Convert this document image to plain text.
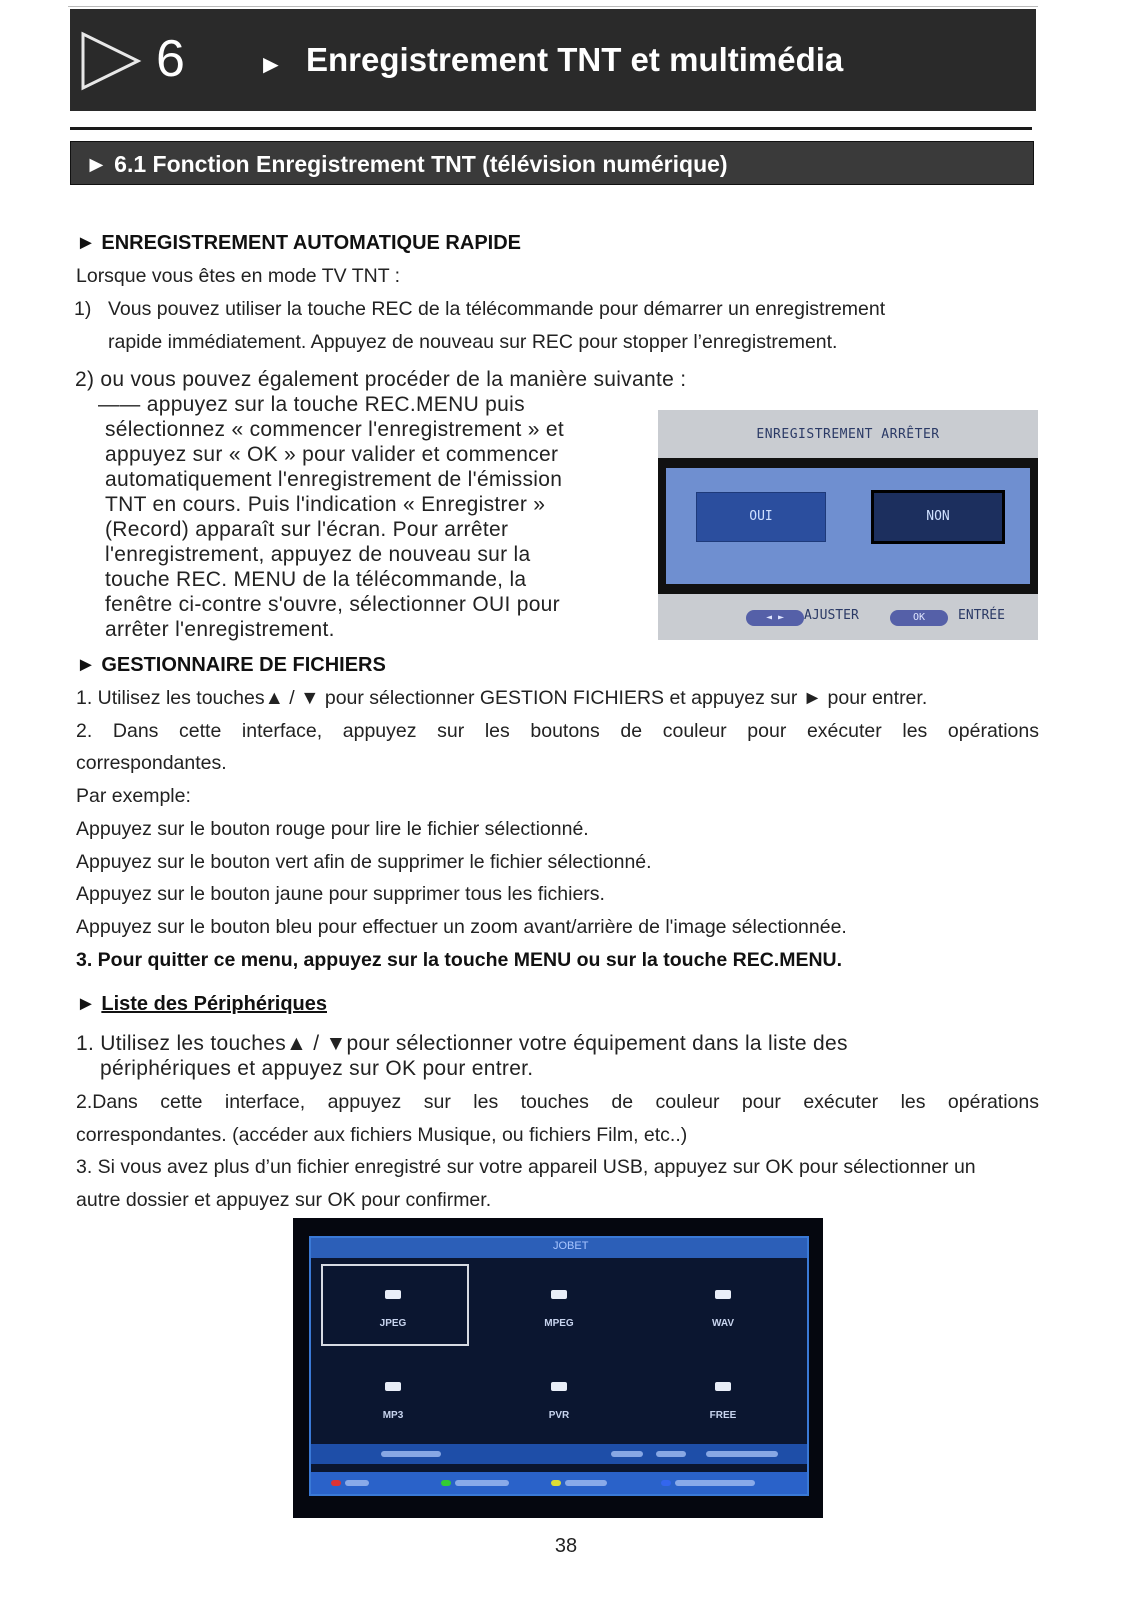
6	► Enregistrement TNT et multimédia
► 6.1 Fonction Enregistrement TNT (télévision numérique)
► ENREGISTREMENT AUTOMATIQUE RAPIDE
Lorsque vous êtes en mode TV TNT :
1) Vous pouvez utiliser la touche REC de la télécommande pour démarrer un enregistrement
rapide immédiatement. Appuyez de nouveau sur REC pour stopper l’enregistrement.
2) ou vous pouvez également procéder de la manière suivante :
—— appuyez sur la touche REC.MENU puis
sélectionnez « commencer l'enregistrement » et
appuyez sur « OK » pour valider et commencer
automatiquement l'enregistrement de l'émission
TNT en cours. Puis l'indication « Enregistrer »
(Record) apparaît sur l'écran. Pour arrêter
l'enregistrement, appuyez de nouveau sur la
touche REC. MENU de la télécommande, la
fenêtre ci-contre s'ouvre, sélectionner OUI pour
arrêter l'enregistrement.
ENREGISTREMENT ARRÊTER
OUI	NON
◄ ►	AJUSTER	OK	ENTRÉE
► GESTIONNAIRE DE FICHIERS
1. Utilisez les touches▲ / ▼ pour sélectionner GESTION FICHIERS et appuyez sur ► pour entrer.
2. Dans cette interface, appuyez sur les boutons de couleur pour exécuter les opérations
correspondantes.
Par exemple:
Appuyez sur le bouton rouge pour lire le fichier sélectionné.
Appuyez sur le bouton vert afin de supprimer le fichier sélectionné.
Appuyez sur le bouton jaune pour supprimer tous les fichiers.
Appuyez sur le bouton bleu pour effectuer un zoom avant/arrière de l'image sélectionnée.
3. Pour quitter ce menu, appuyez sur la touche MENU ou sur la touche REC.MENU.
► Liste des Périphériques
1. Utilisez les touches▲ / ▼pour sélectionner votre équipement dans la liste des
périphériques et appuyez sur OK pour entrer.
2.Dans cette interface, appuyez sur les touches de couleur pour exécuter les opérations
correspondantes. (accéder aux fichiers Musique, ou fichiers Film, etc..)
3. Si vous avez plus d’un fichier enregistré sur votre appareil USB, appuyez sur OK pour sélectionner un
autre dossier et appuyez sur OK pour confirmer.
JOBET
JPEG	MPEG	WAV
MP3	PVR	FREE
38
